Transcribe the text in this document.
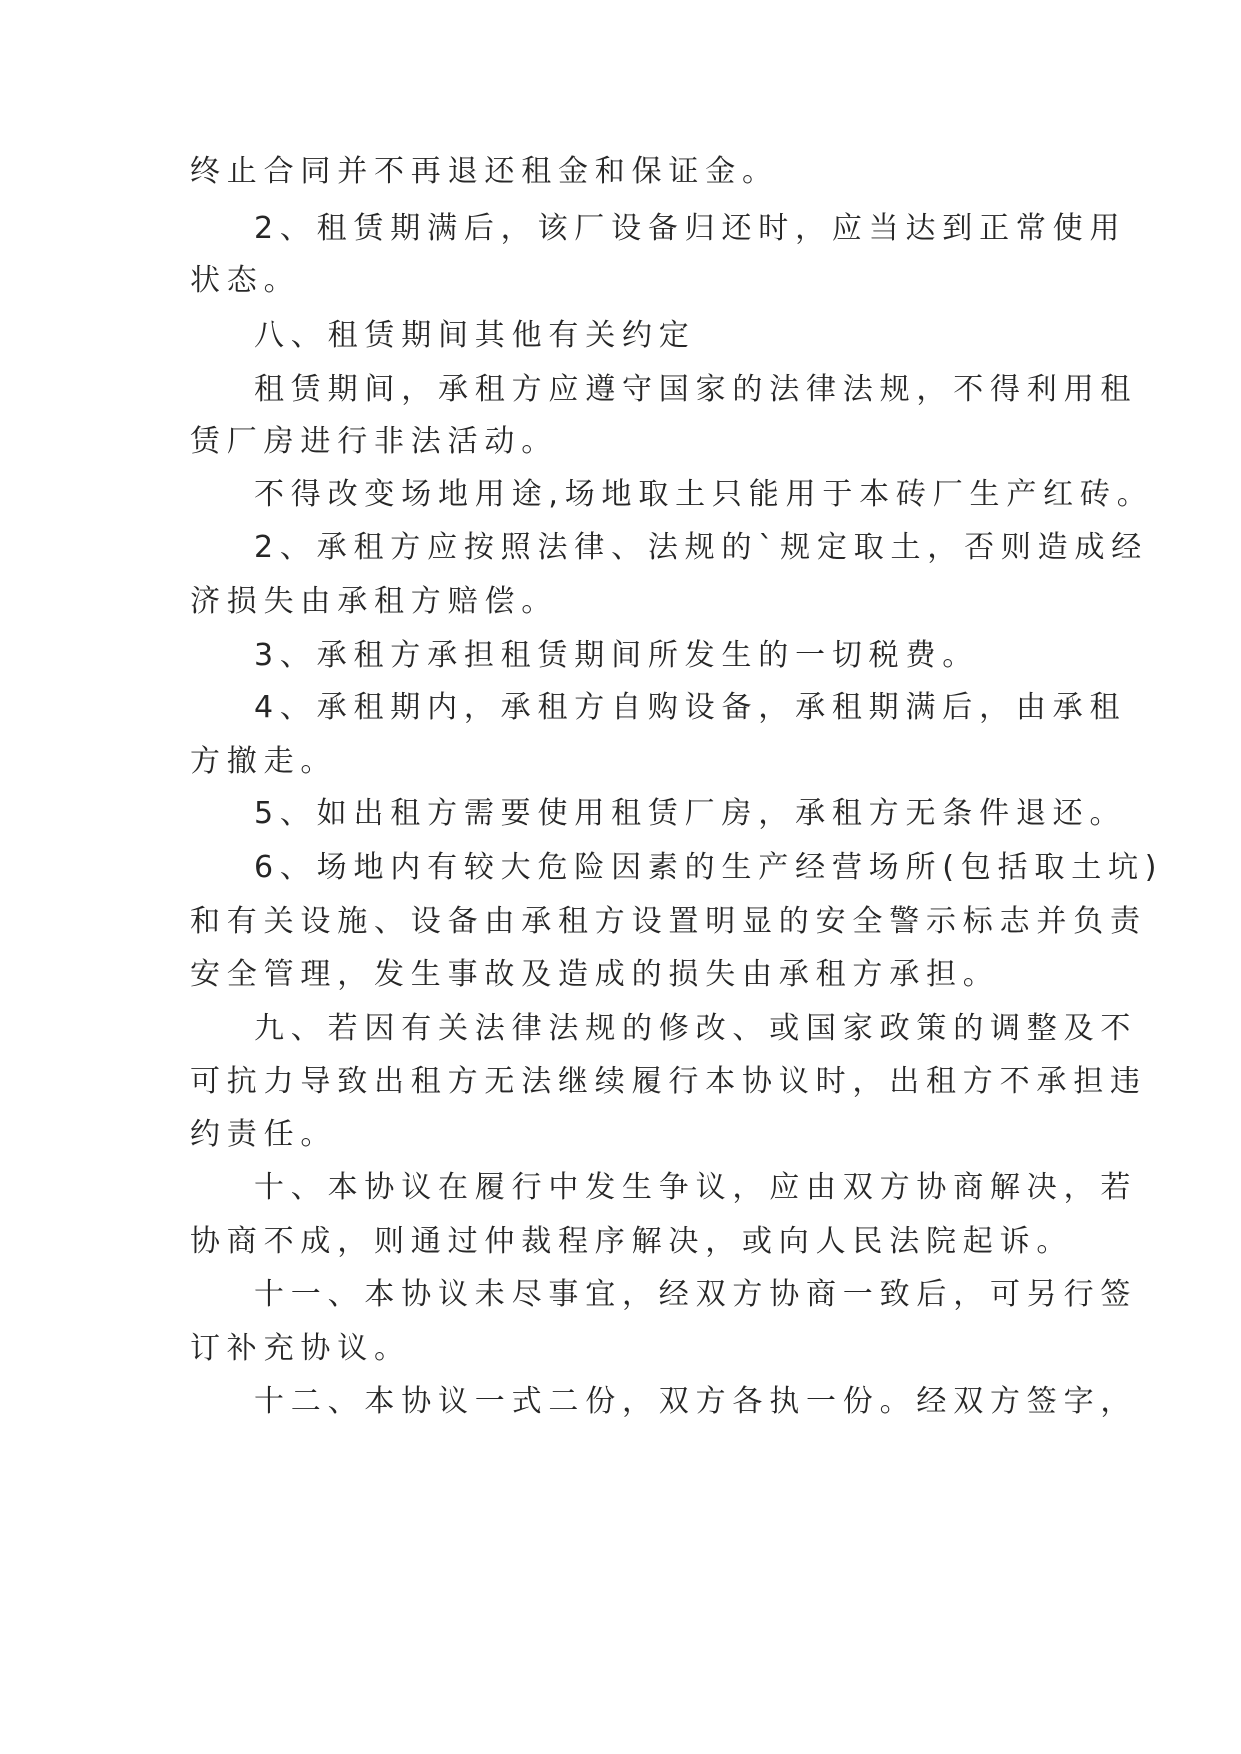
终止合同并不再退还租金和保证金。
2、租赁期满后，该厂设备归还时，应当达到正常使用
状态。
八、租赁期间其他有关约定
租赁期间，承租方应遵守国家的法律法规，不得利用租
赁厂房进行非法活动。
不得改变场地用途,场地取土只能用于本砖厂生产红砖。
2、承租方应按照法律、法规的`规定取土，否则造成经
济损失由承租方赔偿。
3、承租方承担租赁期间所发生的一切税费。
4、承租期内，承租方自购设备，承租期满后，由承租
方撤走。
5、如出租方需要使用租赁厂房，承租方无条件退还。
6、场地内有较大危险因素的生产经营场所(包括取土坑)
和有关设施、设备由承租方设置明显的安全警示标志并负责
安全管理，发生事故及造成的损失由承租方承担。
九、若因有关法律法规的修改、或国家政策的调整及不
可抗力导致出租方无法继续履行本协议时，出租方不承担违
约责任。
十、本协议在履行中发生争议，应由双方协商解决，若
协商不成，则通过仲裁程序解决，或向人民法院起诉。
十一、本协议未尽事宜，经双方协商一致后，可另行签
订补充协议。
十二、本协议一式二份，双方各执一份。经双方签字，
